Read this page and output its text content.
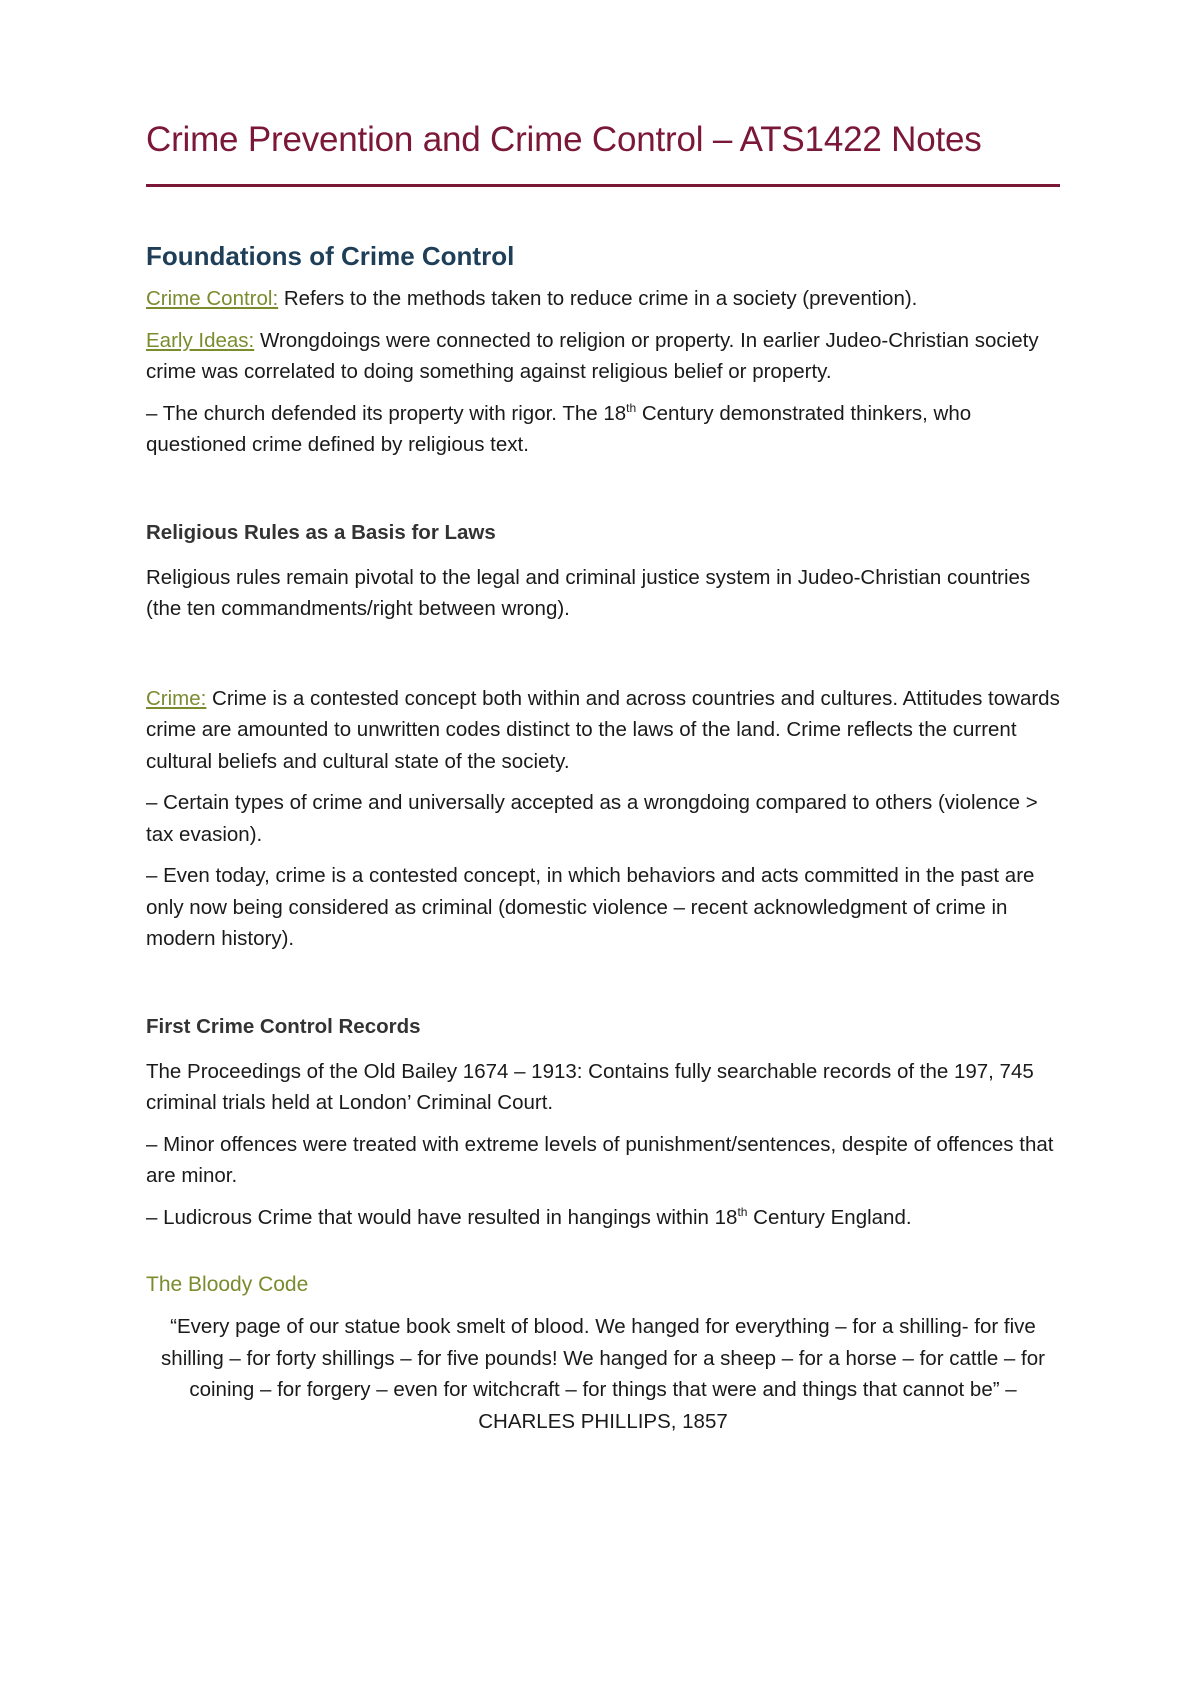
Crime Prevention and Crime Control – ATS1422 Notes
Foundations of Crime Control

Crime Control: Refers to the methods taken to reduce crime in a society (prevention).

Early Ideas: Wrongdoings were connected to religion or property. In earlier Judeo-Christian society crime was correlated to doing something against religious belief or property.

– The church defended its property with rigor. The 18th Century demonstrated thinkers, who questioned crime defined by religious text.

Religious Rules as a Basis for Laws

Religious rules remain pivotal to the legal and criminal justice system in Judeo-Christian countries (the ten commandments/right between wrong).

Crime: Crime is a contested concept both within and across countries and cultures. Attitudes towards crime are amounted to unwritten codes distinct to the laws of the land. Crime reflects the current cultural beliefs and cultural state of the society.

– Certain types of crime and universally accepted as a wrongdoing compared to others (violence > tax evasion).

– Even today, crime is a contested concept, in which behaviors and acts committed in the past are only now being considered as criminal (domestic violence – recent acknowledgment of crime in modern history).

First Crime Control Records

The Proceedings of the Old Bailey 1674 – 1913: Contains fully searchable records of the 197, 745 criminal trials held at London’ Criminal Court.

– Minor offences were treated with extreme levels of punishment/sentences, despite of offences that are minor.

– Ludicrous Crime that would have resulted in hangings within 18th Century England.

The Bloody Code

“Every page of our statue book smelt of blood. We hanged for everything – for a shilling- for five shilling – for forty shillings – for five pounds! We hanged for a sheep – for a horse – for cattle – for coining – for forgery – even for witchcraft – for things that were and things that cannot be” – CHARLES PHILLIPS, 1857
